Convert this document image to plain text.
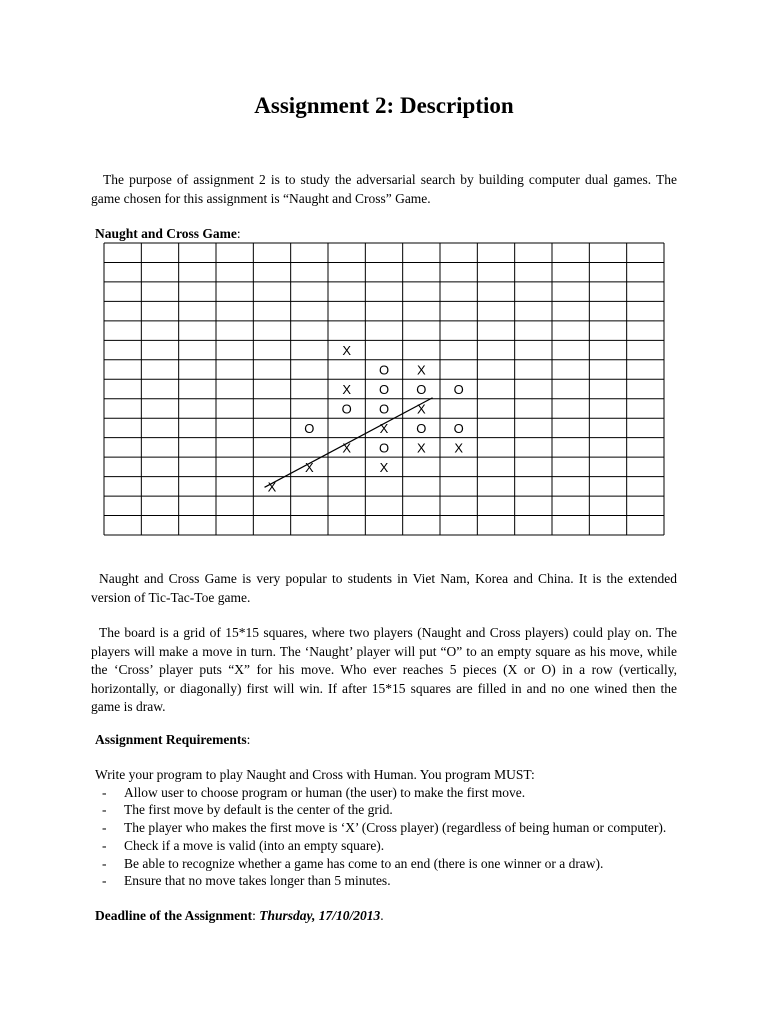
Assignment 2: Description

The purpose of assignment 2 is to study the adversarial search by building computer dual games. The game chosen for this assignment is “Naught and Cross” Game.

Naught and Cross Game:
X
O X
X O O O
O O X
O	X O O
X O X X
X	X
X

Naught and Cross Game is very popular to students in Viet Nam, Korea and China. It is the extended version of Tic-Tac-Toe game.

The board is a grid of 15*15 squares, where two players (Naught and Cross players) could play on. The players will make a move in turn. The ‘Naught’ player will put “O” to an empty square as his move, while the ‘Cross’ player puts “X” for his move. Who ever reaches 5 pieces (X or O) in a row (vertically, horizontally, or diagonally) first will win. If after 15*15 squares are filled in and no one wined then the game is draw.

Assignment Requirements:

Write your program to play Naught and Cross with Human. You program MUST:

- Allow user to choose program or human (the user) to make the first move.
- The first move by default is the center of the grid.
- The player who makes the first move is ‘X’ (Cross player) (regardless of being human or computer).
- Check if a move is valid (into an empty square).
- Be able to recognize whether a game has come to an end (there is one winner or a draw).
- Ensure that no move takes longer than 5 minutes.
Deadline of the Assignment: Thursday, 17/10/2013.
